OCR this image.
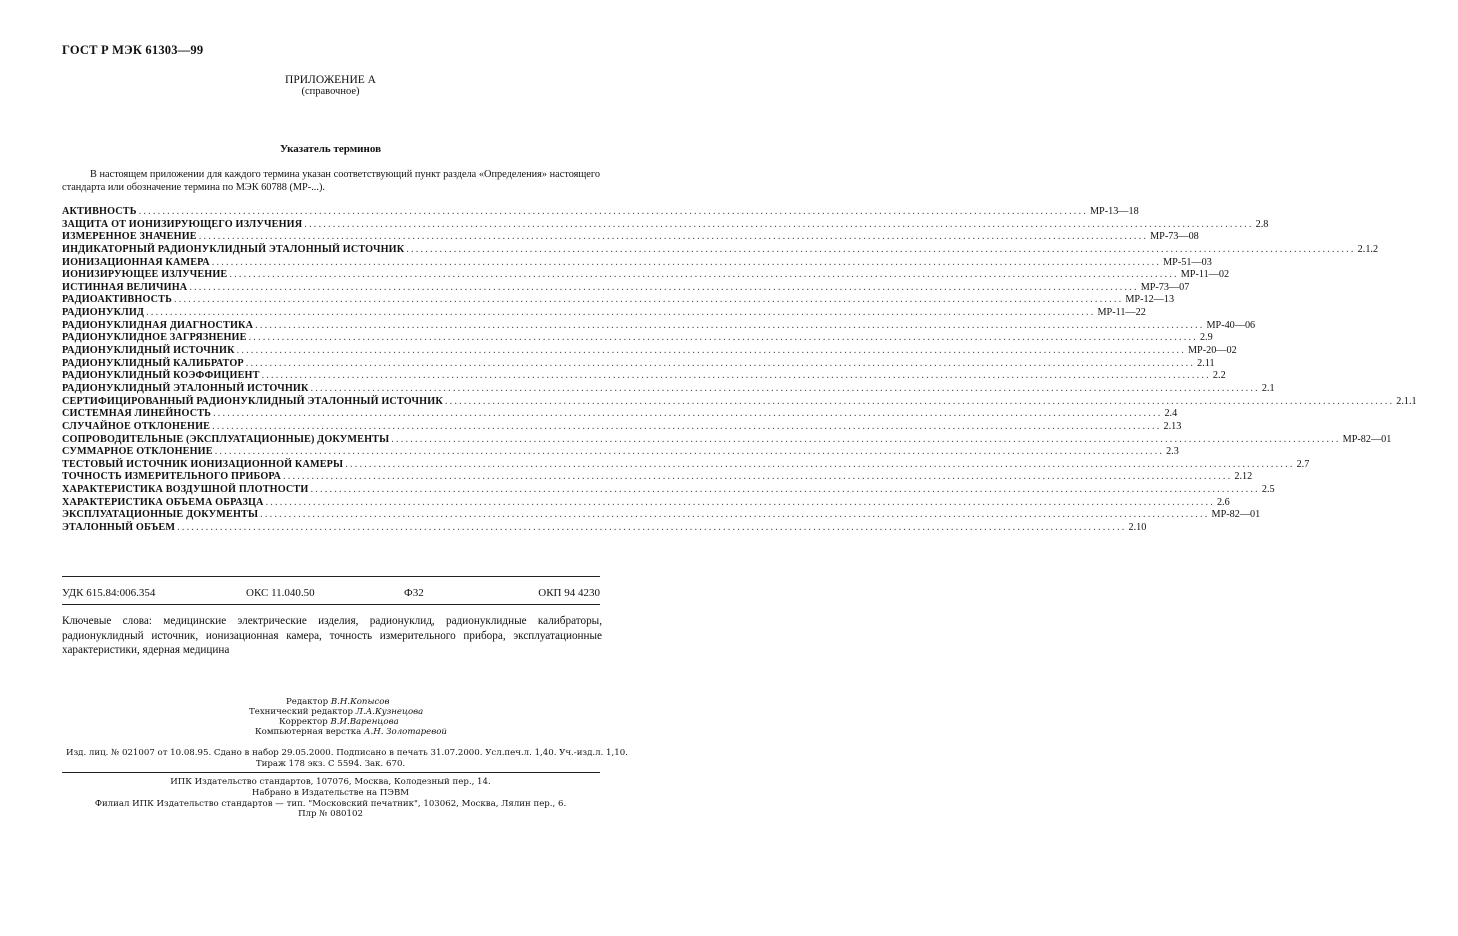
ГОСТ Р МЭК 61303—99
ПРИЛОЖЕНИЕ А
(справочное)
Указатель терминов
В настоящем приложении для каждого термина указан соответствующий пункт раздела «Определения» настоящего стандарта или обозначение термина по МЭК 60788 (МР-...).
АКТИВНОСТЬ ........................................................................................................................................................................................................ МР-13—18
ЗАЩИТА ОТ ИОНИЗИРУЮЩЕГО ИЗЛУЧЕНИЯ ........................................................................................................................................................................................................ 2.8
ИЗМЕРЕННОЕ ЗНАЧЕНИЕ ........................................................................................................................................................................................................ МР-73—08
ИНДИКАТОРНЫЙ РАДИОНУКЛИДНЫЙ ЭТАЛОННЫЙ ИСТОЧНИК ........................................................................................................................................................................................................ 2.1.2
ИОНИЗАЦИОННАЯ КАМЕРА ........................................................................................................................................................................................................ МР-51—03
ИОНИЗИРУЮЩЕЕ ИЗЛУЧЕНИЕ ........................................................................................................................................................................................................ МР-11—02
ИСТИННАЯ ВЕЛИЧИНА ........................................................................................................................................................................................................ МР-73—07
РАДИОАКТИВНОСТЬ ........................................................................................................................................................................................................ МР-12—13
РАДИОНУКЛИД ........................................................................................................................................................................................................ МР-11—22
РАДИОНУКЛИДНАЯ ДИАГНОСТИКА ........................................................................................................................................................................................................ МР-40—06
РАДИОНУКЛИДНОЕ ЗАГРЯЗНЕНИЕ ........................................................................................................................................................................................................ 2.9
РАДИОНУКЛИДНЫЙ ИСТОЧНИК ........................................................................................................................................................................................................ МР-20—02
РАДИОНУКЛИДНЫЙ КАЛИБРАТОР ........................................................................................................................................................................................................ 2.11
РАДИОНУКЛИДНЫЙ КОЭФФИЦИЕНТ ........................................................................................................................................................................................................ 2.2
РАДИОНУКЛИДНЫЙ ЭТАЛОННЫЙ ИСТОЧНИК ........................................................................................................................................................................................................ 2.1
СЕРТИФИЦИРОВАННЫЙ РАДИОНУКЛИДНЫЙ ЭТАЛОННЫЙ ИСТОЧНИК ........................................................................................................................................................................................................ 2.1.1
СИСТЕМНАЯ ЛИНЕЙНОСТЬ ........................................................................................................................................................................................................ 2.4
СЛУЧАЙНОЕ ОТКЛОНЕНИЕ ........................................................................................................................................................................................................ 2.13
СОПРОВОДИТЕЛЬНЫЕ (ЭКСПЛУАТАЦИОННЫЕ) ДОКУМЕНТЫ ........................................................................................................................................................................................................ МР-82—01
СУММАРНОЕ ОТКЛОНЕНИЕ ........................................................................................................................................................................................................ 2.3
ТЕСТОВЫЙ ИСТОЧНИК ИОНИЗАЦИОННОЙ КАМЕРЫ ........................................................................................................................................................................................................ 2.7
ТОЧНОСТЬ ИЗМЕРИТЕЛЬНОГО ПРИБОРА ........................................................................................................................................................................................................ 2.12
ХАРАКТЕРИСТИКА ВОЗДУШНОЙ ПЛОТНОСТИ ........................................................................................................................................................................................................ 2.5
ХАРАКТЕРИСТИКА ОБЪЕМА ОБРАЗЦА ........................................................................................................................................................................................................ 2.6
ЭКСПЛУАТАЦИОННЫЕ ДОКУМЕНТЫ ........................................................................................................................................................................................................ МР-82—01
ЭТАЛОННЫЙ ОБЪЕМ ........................................................................................................................................................................................................ 2.10
УДК 615.84:006.354	ОКС 11.040.50	Ф32	ОКП 94 4230
Ключевые слова: медицинские электрические изделия, радионуклид, радионуклидные калибраторы, радионуклидный источник, ионизационная камера, точность измерительного прибора, эксплуатационные характеристики, ядерная медицина
Редактор В.Н.Копысов
Технический редактор Л.А.Кузнецова
Корректор В.И.Варенцова
Компьютерная верстка А.Н. Золотаревой
Изд. лиц. № 021007 от 10.08.95. Сдано в набор 29.05.2000. Подписано в печать 31.07.2000. Усл.печ.л. 1,40. Уч.-изд.л. 1,10.
Тираж 178 экз. С 5594. Зак. 670.
ИПК Издательство стандартов, 107076, Москва, Колодезный пер., 14.
Набрано в Издательстве на ПЭВМ
Филиал ИПК Издательство стандартов — тип. "Московский печатник", 103062, Москва, Лялин пер., 6.
Плр № 080102
